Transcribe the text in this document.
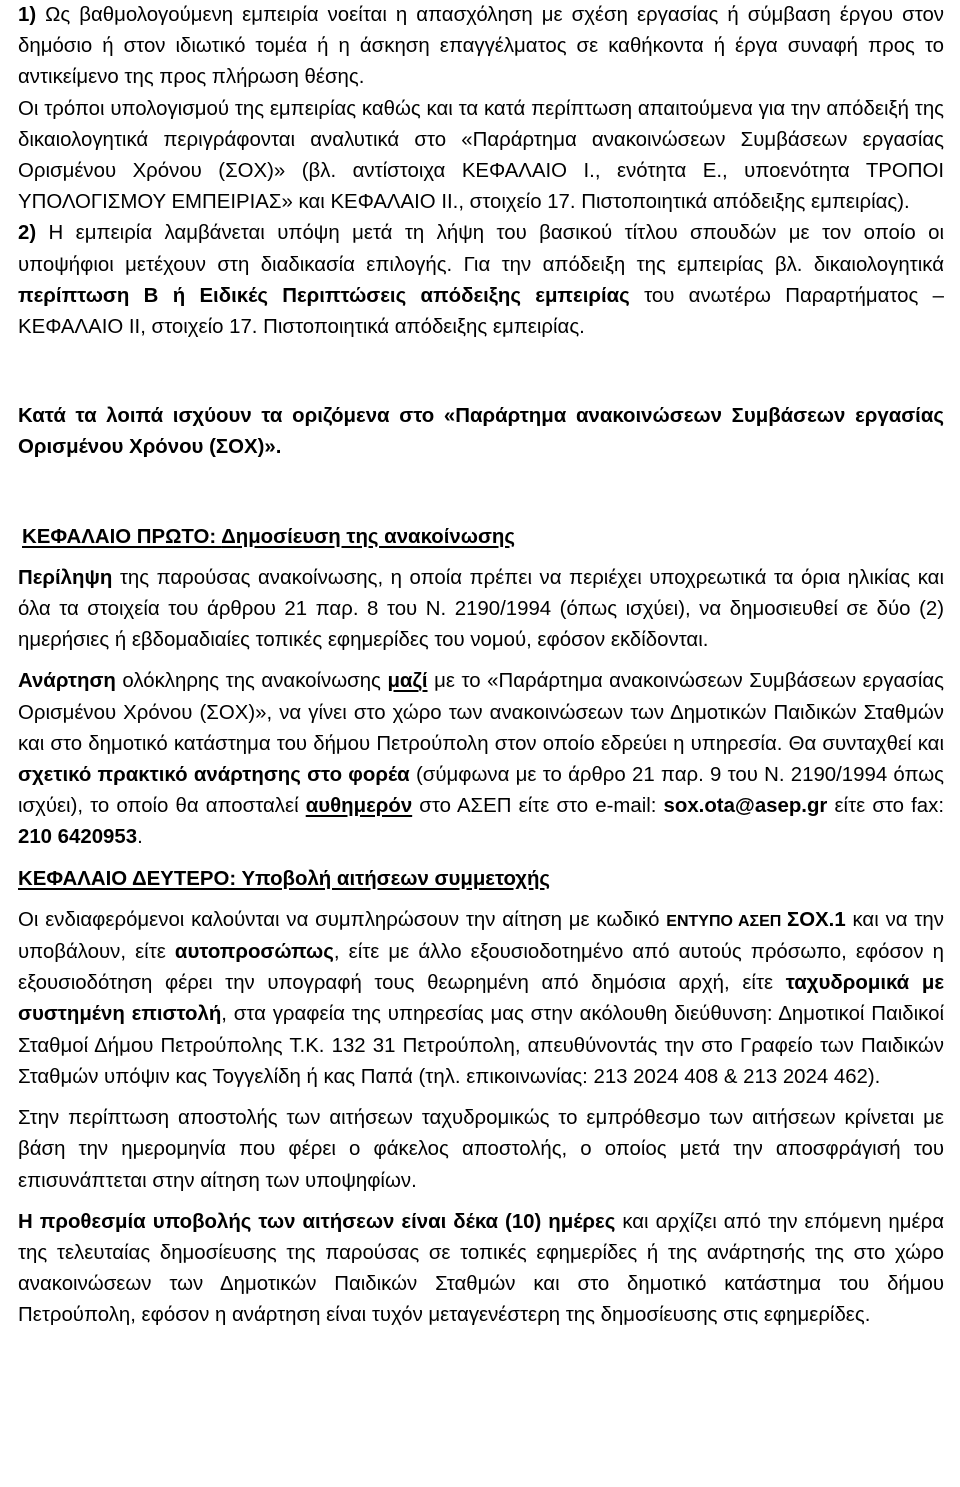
1) Ως βαθμολογούμενη εμπειρία νοείται η απασχόληση με σχέση εργασίας ή σύμβαση έργου στον δημόσιο ή στον ιδιωτικό τομέα ή η άσκηση επαγγέλματος σε καθήκοντα ή έργα συναφή προς το αντικείμενο της προς πλήρωση θέσης.

Οι τρόποι υπολογισμού της εμπειρίας καθώς και τα κατά περίπτωση απαιτούμενα για την απόδειξή της δικαιολογητικά περιγράφονται αναλυτικά στο «Παράρτημα ανακοινώσεων Συμβάσεων εργασίας Ορισμένου Χρόνου (ΣΟΧ)» (βλ. αντίστοιχα ΚΕΦΑΛΑΙΟ Ι., ενότητα Ε., υποενότητα ΤΡΟΠΟΙ ΥΠΟΛΟΓΙΣΜΟΥ ΕΜΠΕΙΡΙΑΣ» και ΚΕΦΑΛΑΙΟ ΙΙ., στοιχείο 17. Πιστοποιητικά απόδειξης εμπειρίας).

2) Η εμπειρία λαμβάνεται υπόψη μετά τη λήψη του βασικού τίτλου σπουδών με τον οποίο οι υποψήφιοι μετέχουν στη διαδικασία επιλογής. Για την απόδειξη της εμπειρίας βλ. δικαιολογητικά περίπτωση Β ή Ειδικές Περιπτώσεις απόδειξης εμπειρίας του ανωτέρω Παραρτήματος – ΚΕΦΑΛΑΙΟ ΙΙ, στοιχείο 17. Πιστοποιητικά απόδειξης εμπειρίας.

Κατά τα λοιπά ισχύουν τα οριζόμενα στο «Παράρτημα ανακοινώσεων Συμβάσεων εργασίας Ορισμένου Χρόνου (ΣΟΧ)».

ΚΕΦΑΛΑΙΟ ΠΡΩΤΟ: Δημοσίευση της ανακοίνωσης

Περίληψη της παρούσας ανακοίνωσης, η οποία πρέπει να περιέχει υποχρεωτικά τα όρια ηλικίας και όλα τα στοιχεία του άρθρου 21 παρ. 8 του Ν. 2190/1994 (όπως ισχύει), να δημοσιευθεί σε δύο (2) ημερήσιες ή εβδομαδιαίες τοπικές εφημερίδες του νομού, εφόσον εκδίδονται.

Ανάρτηση ολόκληρης της ανακοίνωσης μαζί με το «Παράρτημα ανακοινώσεων Συμβάσεων εργασίας Ορισμένου Χρόνου (ΣΟΧ)», να γίνει στο χώρο των ανακοινώσεων των Δημοτικών Παιδικών Σταθμών και στο δημοτικό κατάστημα του δήμου Πετρούπολη στον οποίο εδρεύει η υπηρεσία. Θα συνταχθεί και σχετικό πρακτικό ανάρτησης στο φορέα (σύμφωνα με το άρθρο 21 παρ. 9 του Ν. 2190/1994 όπως ισχύει), το οποίο θα αποσταλεί αυθημερόν στο ΑΣΕΠ είτε στο e-mail: sox.ota@asep.gr είτε στο fax: 210 6420953.

ΚΕΦΑΛΑΙΟ ΔΕΥΤΕΡΟ: Υποβολή αιτήσεων συμμετοχής

Οι ενδιαφερόμενοι καλούνται να συμπληρώσουν την αίτηση με κωδικό ΕΝΤΥΠΟ ΑΣΕΠ ΣΟΧ.1 και να την υποβάλουν, είτε αυτοπροσώπως, είτε με άλλο εξουσιοδοτημένο από αυτούς πρόσωπο, εφόσον η εξουσιοδότηση φέρει την υπογραφή τους θεωρημένη από δημόσια αρχή, είτε ταχυδρομικά με συστημένη επιστολή, στα γραφεία της υπηρεσίας μας στην ακόλουθη διεύθυνση: Δημοτικοί Παιδικοί Σταθμοί Δήμου Πετρούπολης Τ.Κ. 132 31 Πετρούπολη, απευθύνοντάς την στο Γραφείο των Παιδικών Σταθμών υπόψιν κας Τογγελίδη ή κας Παπά (τηλ. επικοινωνίας: 213 2024 408 & 213 2024 462).

Στην περίπτωση αποστολής των αιτήσεων ταχυδρομικώς το εμπρόθεσμο των αιτήσεων κρίνεται με βάση την ημερομηνία που φέρει ο φάκελος αποστολής, ο οποίος μετά την αποσφράγισή του επισυνάπτεται στην αίτηση των υποψηφίων.

Η προθεσμία υποβολής των αιτήσεων είναι δέκα (10) ημέρες και αρχίζει από την επόμενη ημέρα της τελευταίας δημοσίευσης της παρούσας σε τοπικές εφημερίδες ή της ανάρτησής της στο χώρο ανακοινώσεων των Δημοτικών Παιδικών Σταθμών και στο δημοτικό κατάστημα του δήμου Πετρούπολη, εφόσον η ανάρτηση είναι τυχόν μεταγενέστερη της δημοσίευσης στις εφημερίδες.
